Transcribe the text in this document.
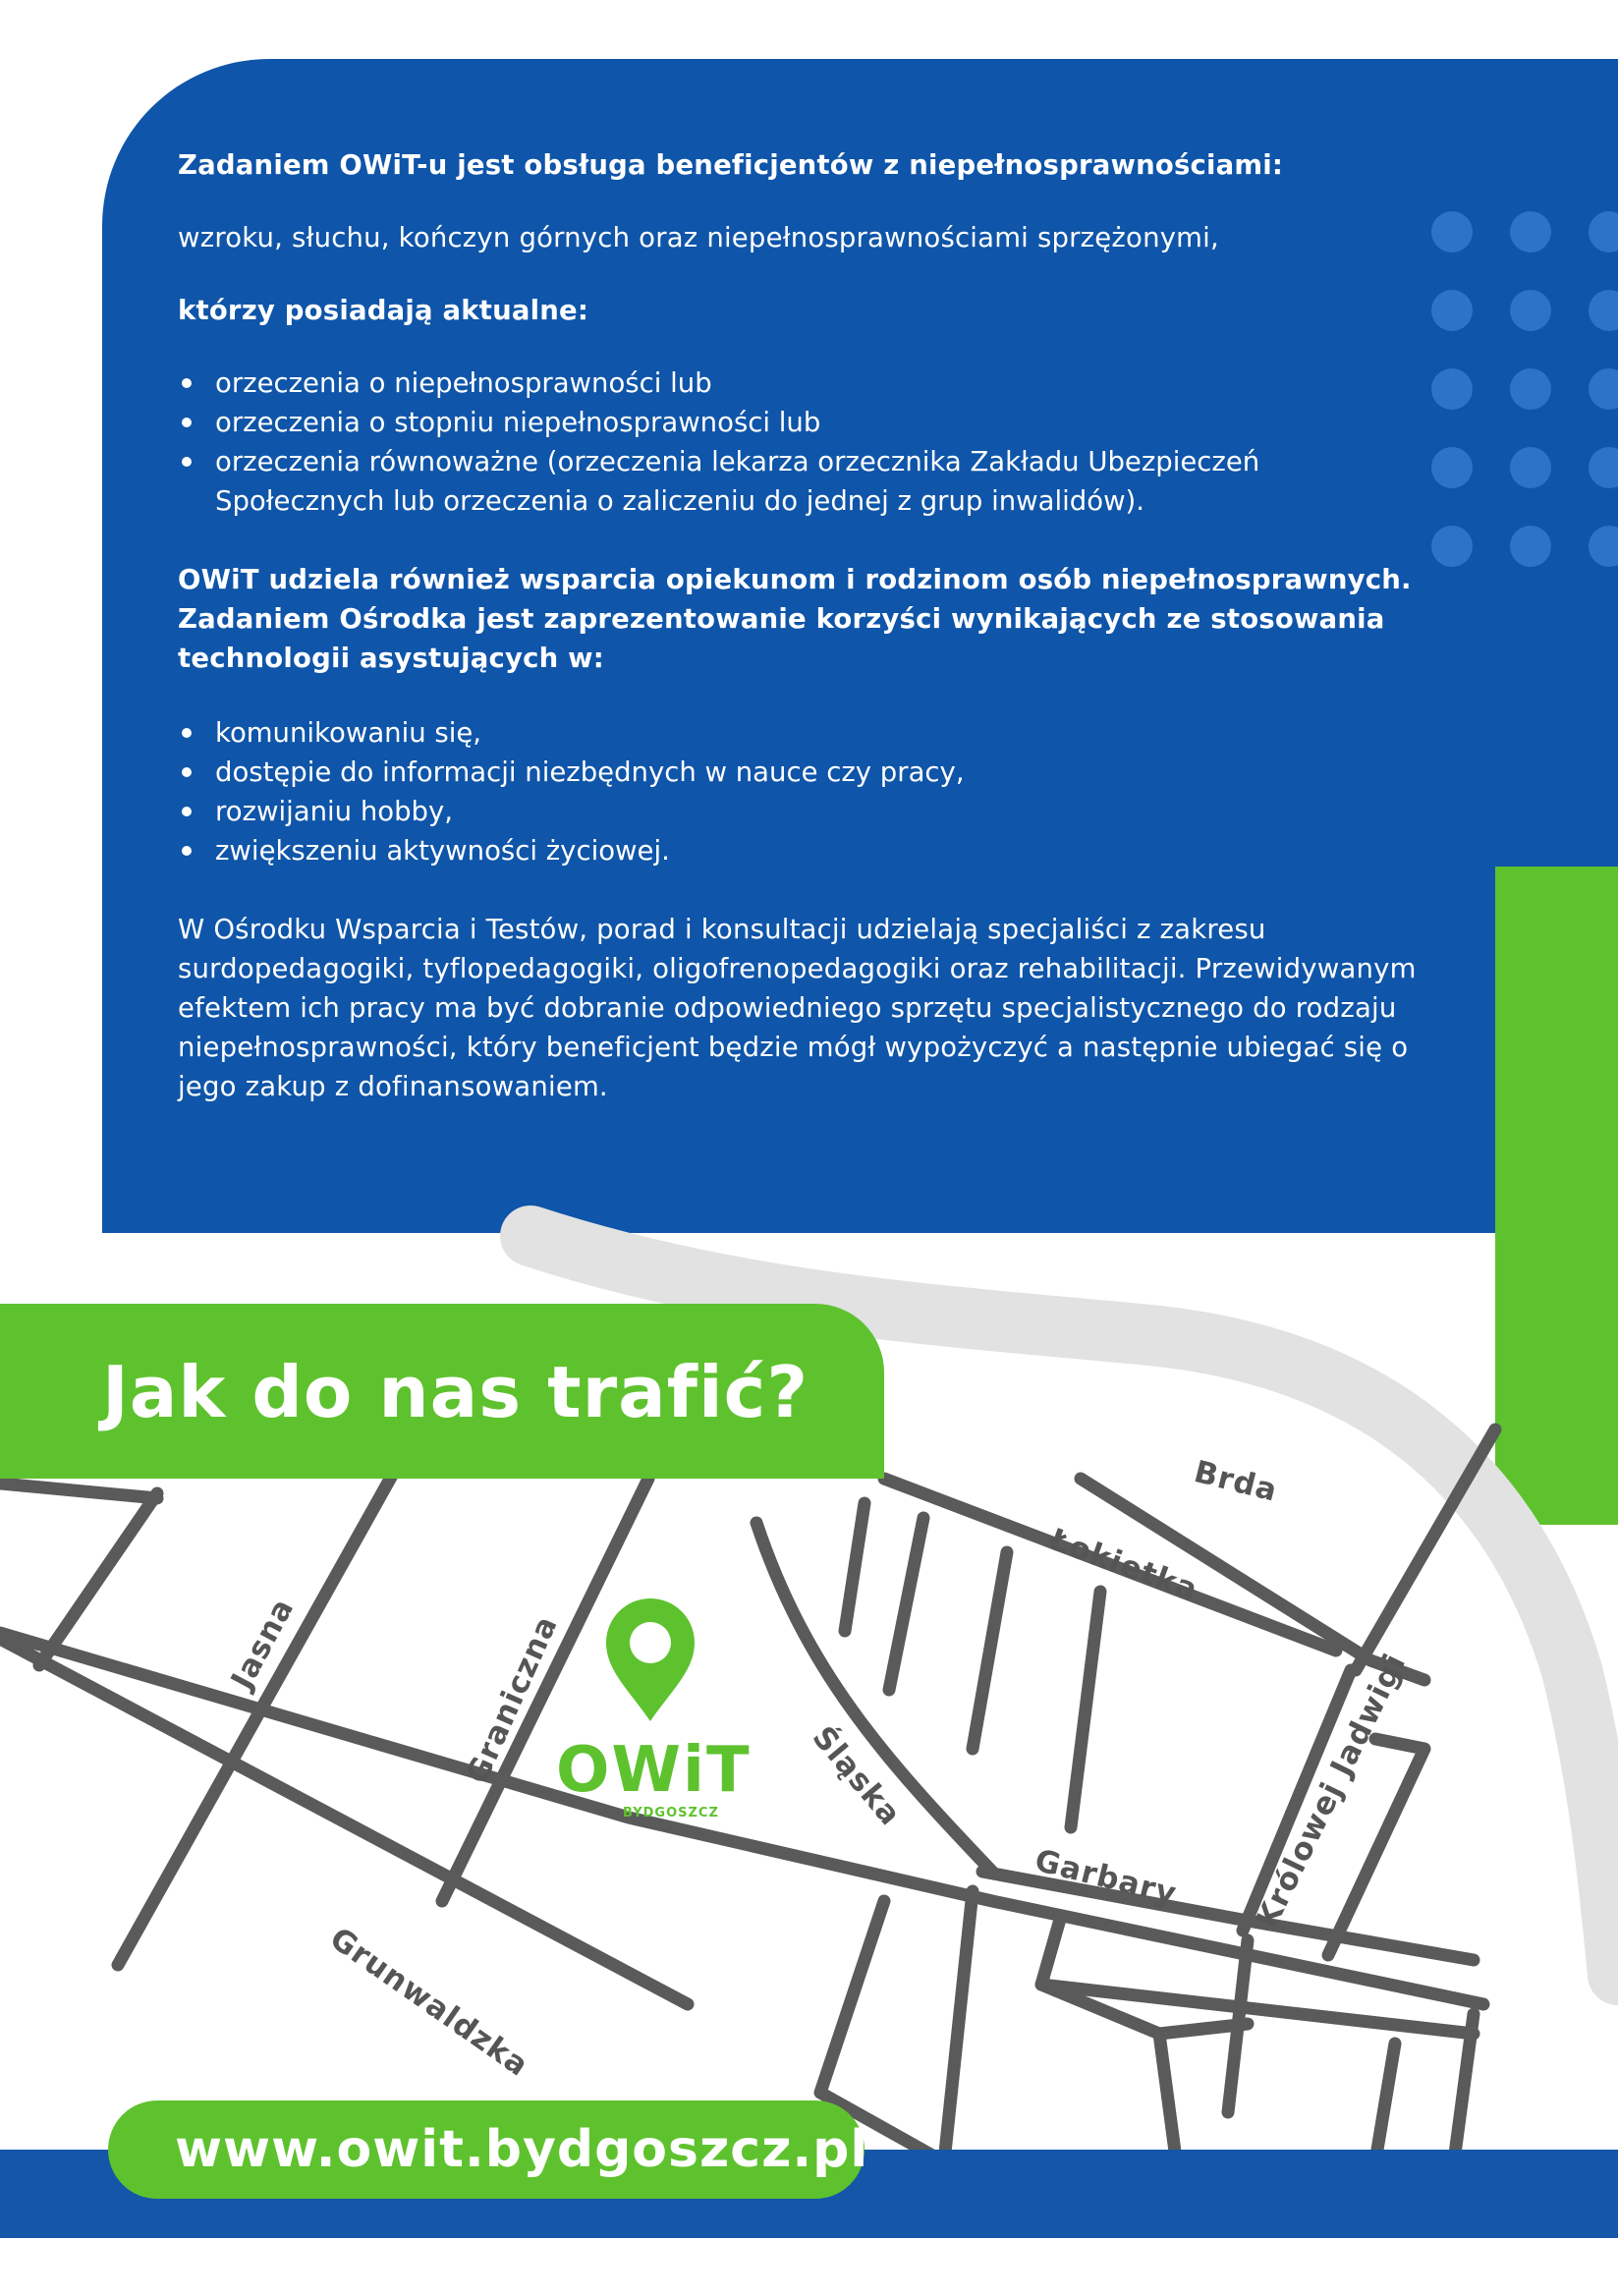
Zadaniem OWiT-u jest obsługa beneficjentów z niepełnosprawnościami:

wzroku, słuchu, kończyn górnych oraz niepełnosprawnościami sprzężonymi,

którzy posiadają aktualne:

orzeczenia o niepełnosprawności lub
orzeczenia o stopniu niepełnosprawności lub
orzeczenia równoważne (orzeczenia lekarza orzecznika Zakładu Ubezpieczeń Społecznych lub orzeczenia o zaliczeniu do jednej z grup inwalidów).

OWiT udziela również wsparcia opiekunom i rodzinom osób niepełnosprawnych. Zadaniem Ośrodka jest zaprezentowanie korzyści wynikających ze stosowania technologii asystujących w:

komunikowaniu się,
dostępie do informacji niezbędnych w nauce czy pracy,
rozwijaniu hobby,
zwiększeniu aktywności życiowej.

W Ośrodku Wsparcia i Testów, porad i konsultacji udzielają specjaliści z zakresu surdopedagogiki, tyflopedagogiki, oligofrenopedagogiki oraz rehabilitacji. Przewidywanym efektem ich pracy ma być dobranie odpowiedniego sprzętu specjalistycznego do rodzaju niepełnosprawności, który beneficjent będzie mógł wypożyczyć a następnie ubiegać się o jego zakup z dofinansowaniem.

Jak do nas trafić?
Brda
Łokietka
Jasna	Graniczna	Śląska
Garbary Królowej Jadwigi
Grunwaldzka

OWiT

BYDGOSZCZ

www.owit.bydgoszcz.pl
